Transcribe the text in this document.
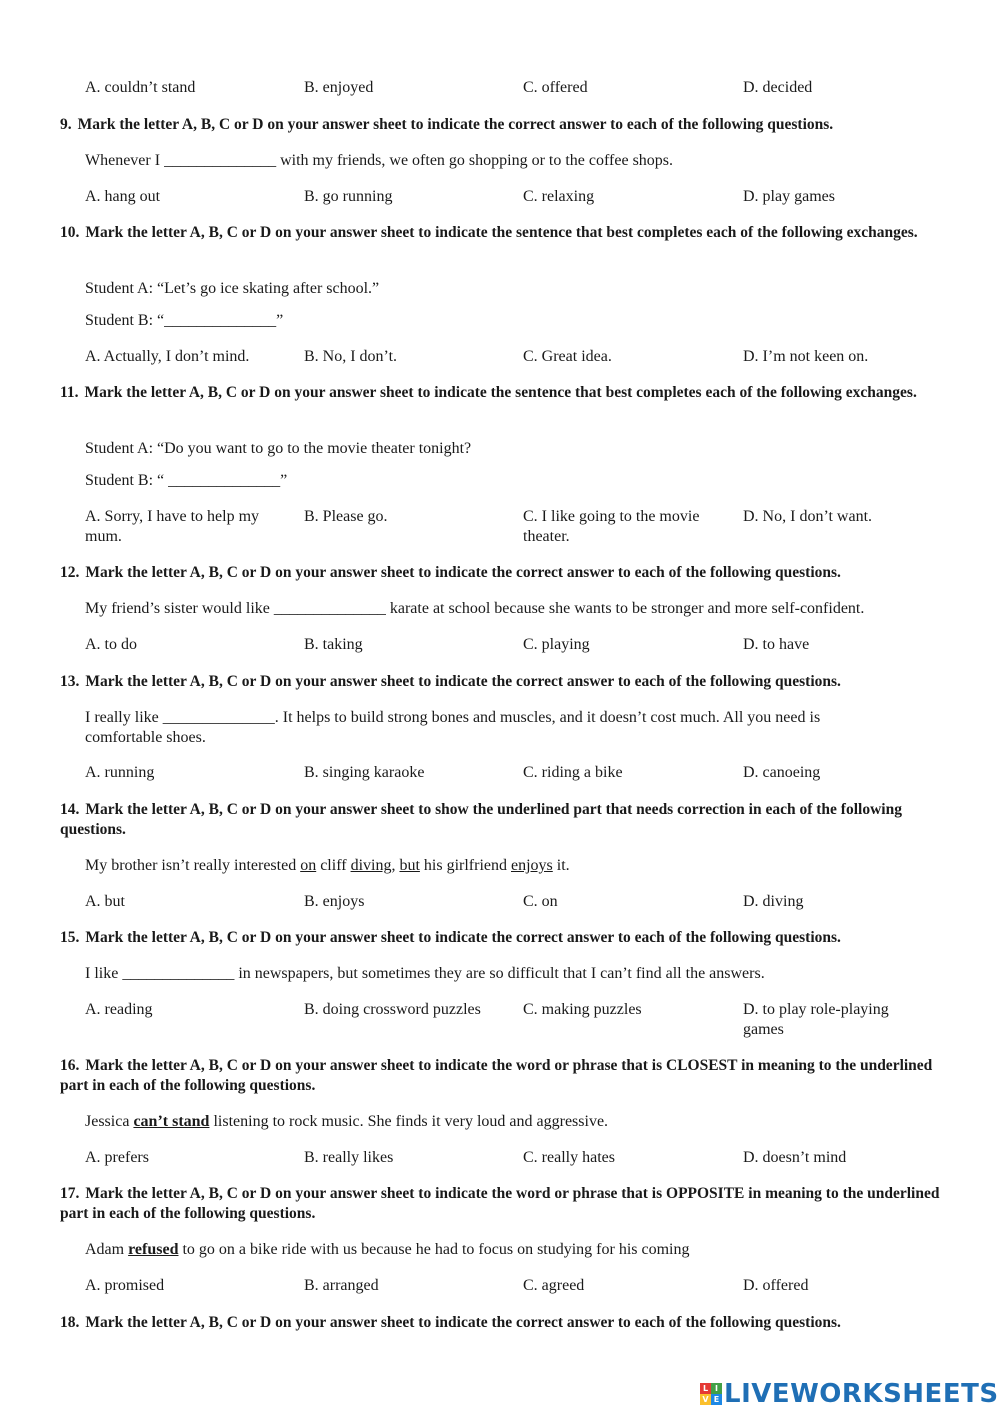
A. couldn’t stand	B. enjoyed	C. offered	D. decided
9. Mark the letter A, B, C or D on your answer sheet to indicate the correct answer to each of the following questions.
Whenever I ______________ with my friends, we often go shopping or to the coffee shops.
A. hang out	B. go running	C. relaxing	D. play games
10. Mark the letter A, B, C or D on your answer sheet to indicate the sentence that best completes each of the following exchanges.
Student A: “Let’s go ice skating after school.”
Student B: “______________”
A. Actually, I don’t mind.	B. No, I don’t.	C. Great idea.	D. I’m not keen on.
11. Mark the letter A, B, C or D on your answer sheet to indicate the sentence that best completes each of the following exchanges.
Student A: “Do you want to go to the movie theater tonight?
Student B: “ ______________”
A. Sorry, I have to help my mum.
B. Please go.	C. I like going to the movie theater.
D. No, I don’t want.
12. Mark the letter A, B, C or D on your answer sheet to indicate the correct answer to each of the following questions.
My friend’s sister would like ______________ karate at school because she wants to be stronger and more self-confident.
A. to do	B. taking	C. playing	D. to have
13. Mark the letter A, B, C or D on your answer sheet to indicate the correct answer to each of the following questions.
I really like ______________. It helps to build strong bones and muscles, and it doesn’t cost much. All you need is comfortable shoes.
A. running	B. singing karaoke	C. riding a bike	D. canoeing
14. Mark the letter A, B, C or D on your answer sheet to show the underlined part that needs correction in each of the following questions.
My brother isn’t really interested on cliff diving, but his girlfriend enjoys it.
A. but	B. enjoys	C. on	D. diving
15. Mark the letter A, B, C or D on your answer sheet to indicate the correct answer to each of the following questions.
I like ______________ in newspapers, but sometimes they are so difficult that I can’t find all the answers.
A. reading	B. doing crossword puzzles	C. making puzzles	D. to play role-playing games
16. Mark the letter A, B, C or D on your answer sheet to indicate the word or phrase that is CLOSEST in meaning to the underlined part in each of the following questions.
Jessica can’t stand listening to rock music. She finds it very loud and aggressive.
A. prefers	B. really likes	C. really hates	D. doesn’t mind
17. Mark the letter A, B, C or D on your answer sheet to indicate the word or phrase that is OPPOSITE in meaning to the underlined part in each of the following questions.
Adam refused to go on a bike ride with us because he had to focus on studying for his coming
A. promised	B. arranged	C. agreed	D. offered
18. Mark the letter A, B, C or D on your answer sheet to indicate the correct answer to each of the following questions.
L I
V E LIVEWORKSHEETS
